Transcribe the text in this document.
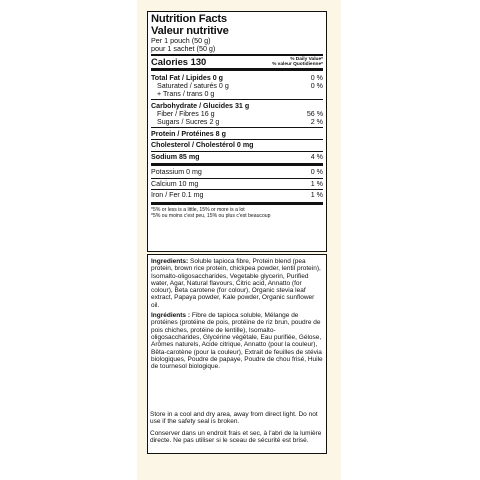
Nutrition Facts
Valeur nutritive
Per 1 pouch (50 g)
pour 1 sachet (50 g)
Calories 130	% Daily Value*
% valeur Quotidienne*
Total Fat / Lipides 0 g	0 %
Saturated / saturés 0 g	0 %
+ Trans / trans 0 g
Carbohydrate / Glucides 31 g
Fiber / Fibres 16 g	56 %
Sugars / Sucres 2 g	2 %
Protein / Protéines 8 g
Cholesterol / Cholestérol 0 mg
Sodium 85 mg	4 %
Potassium 0 mg	0 %
Calcium 10 mg	1 %
Iron / Fer 0.1 mg	1 %
*5% or less is a little, 15% or more is a lot
*5% ou moins c'est peu, 15% ou plus c'est beaucoup

Ingredients: Soluble tapioca fibre, Protein blend (pea protein, brown rice protein, chickpea powder, lentil protein), Isomalto-oligosaccharides, Vegetable glycerin, Purified water, Agar, Natural flavours, Citric acid, Annatto (for colour), Beta carotene (for colour), Organic stevia leaf extract, Papaya powder, Kale powder, Organic sunflower oil.

Ingrédients : Fibre de tapioca soluble, Mélange de protéines (protéine de pois, protéine de riz brun, poudre de pois chiches, protéine de lentille), Isomalto-oligosaccharides, Glycérine végétale, Eau purifiée, Gélose, Arômes naturels, Acide citrique, Annatto (pour la couleur), Bêta-carotène (pour la couleur), Extrait de feuilles de stévia biologiques, Poudre de papaye, Poudre de chou frisé, Huile de tournesol biologique.

Store in a cool and dry area, away from direct light. Do not use if the safety seal is broken.

Conserver dans un endroit frais et sec, à l'abri de la lumière directe. Ne pas utiliser si le sceau de sécurité est brisé.
